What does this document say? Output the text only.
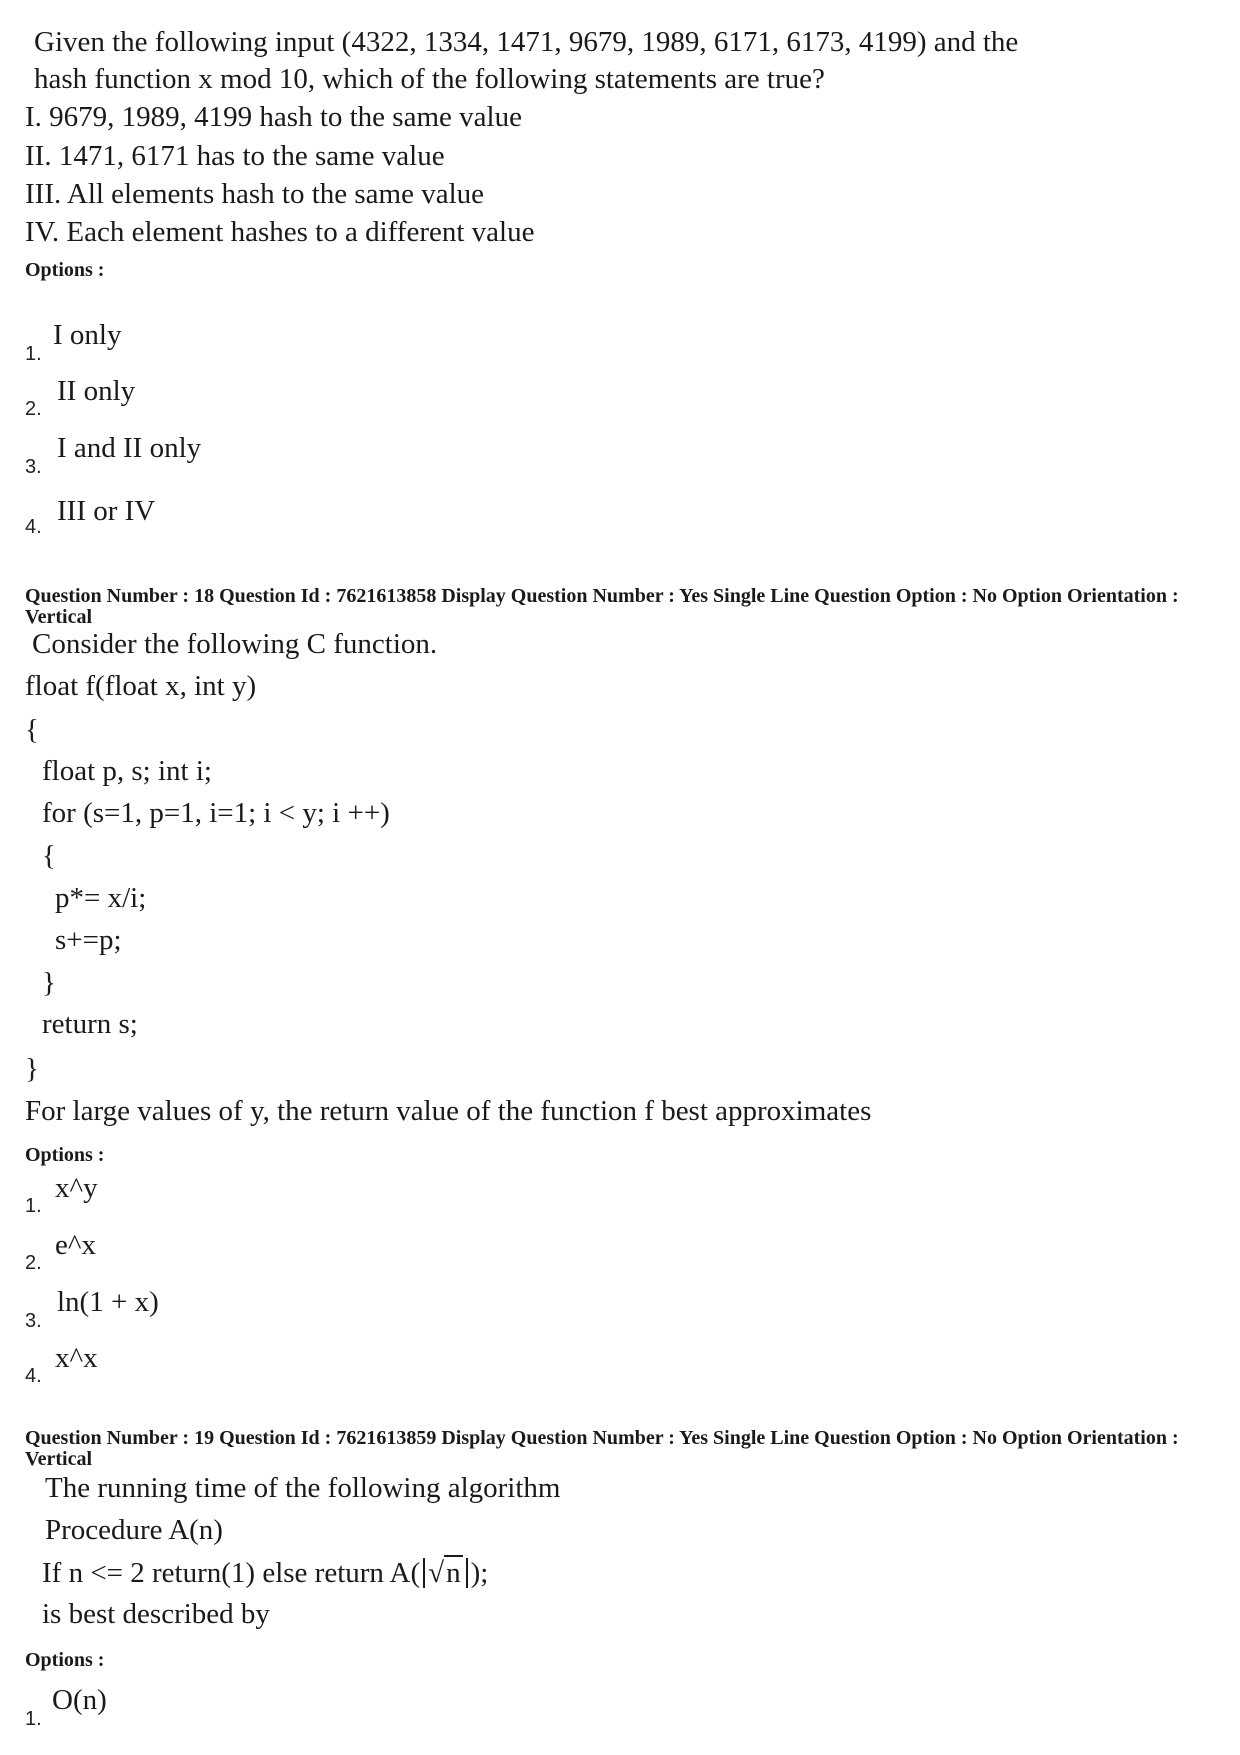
Given the following input (4322, 1334, 1471, 9679, 1989, 6171, 6173, 4199) and the
hash function x mod 10, which of the following statements are true?
I. 9679, 1989, 4199 hash to the same value
II. 1471, 6171 has to the same value
III. All elements hash to the same value
IV. Each element hashes to a different value
Options :
1.
I only
2.
II only
3.
I and II only
4. III or IV
Question Number : 18 Question Id : 7621613858 Display Question Number : Yes Single Line Question Option : No Option Orientation : Vertical
Consider the following C function.
float f(float x, int y)
{
float p, s; int i;
for (s=1, p=1, i=1; i < y; i ++)
{
p*= x/i;
s+=p;
}
return s;
}
For large values of y, the return value of the function f best approximates
Options :
1.
x^y
2.
e^x
3.
ln(1 + x)
4.
x^x
Question Number : 19 Question Id : 7621613859 Display Question Number : Yes Single Line Question Option : No Option Orientation : Vertical
The running time of the following algorithm
Procedure A(n)
If n <= 2 return(1) else return A( √ n );
is best described by
Options :
1.
O(n)
